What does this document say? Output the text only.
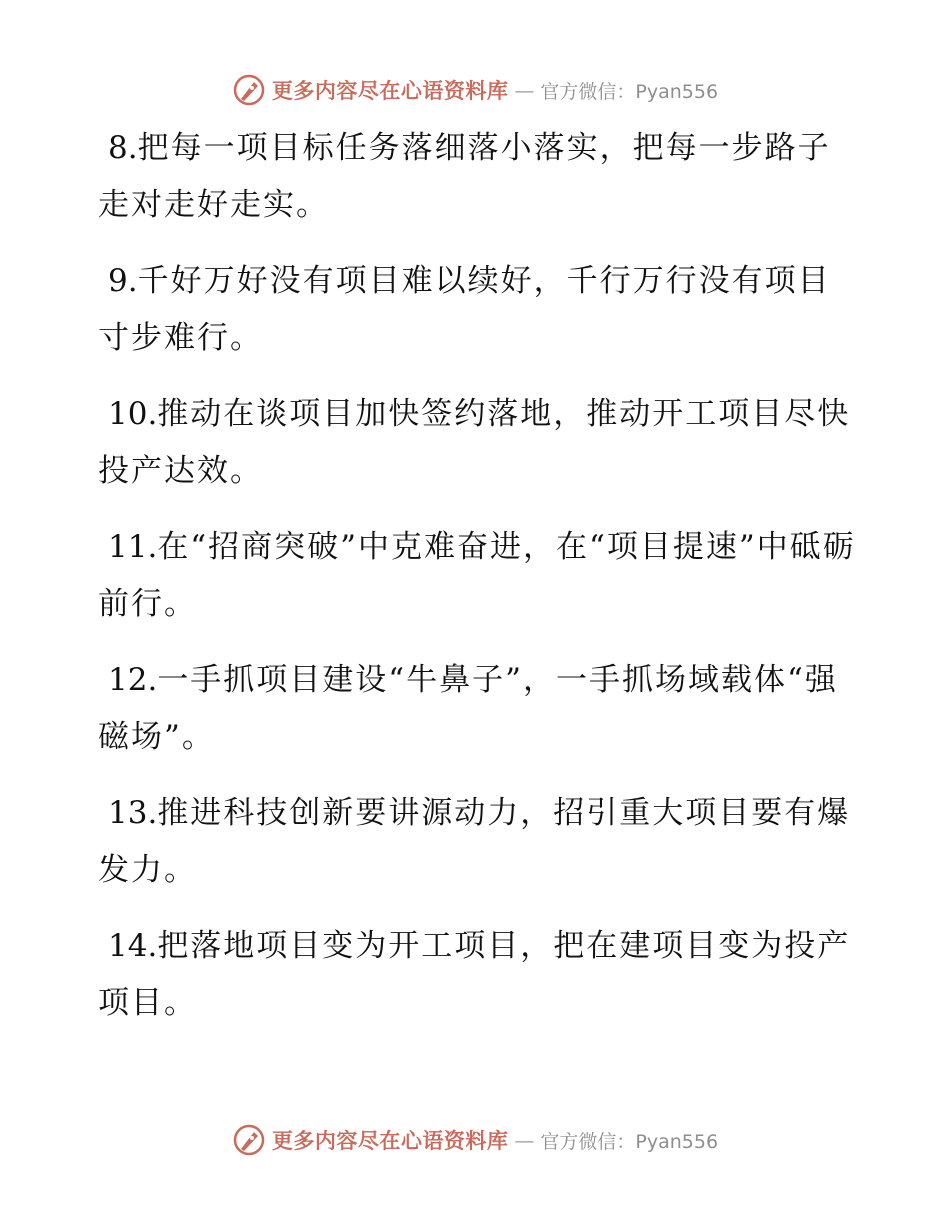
更多内容尽在心语资料库 — 官方微信：Pyan556

8.把每一项目标任务落细落小落实，把每一步路子走对走好走实。

9.千好万好没有项目难以续好，千行万行没有项目寸步难行。

10.推动在谈项目加快签约落地，推动开工项目尽快投产达效。

11.在“招商突破”中克难奋进，在“项目提速”中砥砺前行。

12.一手抓项目建设“牛鼻子”，一手抓场域载体“强磁场”。

13.推进科技创新要讲源动力，招引重大项目要有爆发力。

14.把落地项目变为开工项目，把在建项目变为投产项目。

更多内容尽在心语资料库 — 官方微信：Pyan556
